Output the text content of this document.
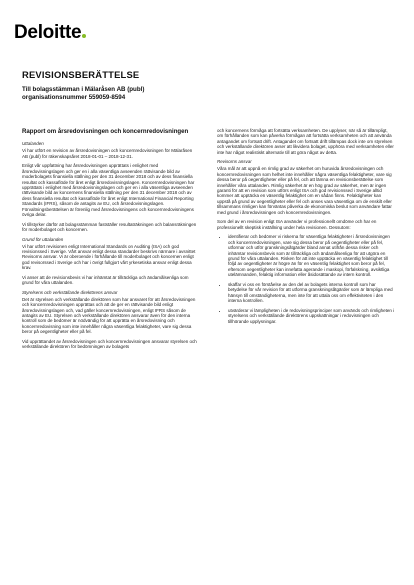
Deloitte
REVISIONSBERÄTTELSE
Till bolagsstämman i Mälaråsen AB (publ)
organisationsnummer 559059-8594
Rapport om årsredovisningen och koncernredovisningen
Uttalanden

Vi har utfört en revision av årsredovisningen och koncernredovisningen för Mälaråsen AB (publ) för räkenskapsåret 2018-01-01 – 2018-12-31.

Enligt vår uppfattning har årsredovisningen upprättats i enlighet med årsredovisningslagen och ger en i alla väsentliga avseenden rättvisande bild av moderbolagets finansiella ställning per den 31 december 2018 och av dess finansiella resultat och kassaflöde för året enligt årsredovisningslagen. Koncernredovisningen har upprättats i enlighet med årsredovisningslagen och ger en i alla väsentliga avseenden rättvisande bild av koncernens finansiella ställning per den 31 december 2018 och av dess finansiella resultat och kassaflöde för året enligt International Financial Reporting Standards (IFRS), såsom de antagits av EU, och årsredovisningslagen. Förvaltningsberättelsen är förenlig med årsredovisningens och koncernredovisningens övriga delar.

Vi tillstyrker därför att bolagsstämman fastställer resultaträkningen och balansräkningen för moderbolaget och koncernen.

Grund för uttalanden

Vi har utfört revisionen enligt International Standards on Auditing (ISA) och god revisionssed i Sverige. Vårt ansvar enligt dessa standarder beskrivs närmare i avsnittet Revisorns ansvar. Vi är oberoende i förhållande till moderbolaget och koncernen enligt god revisorssed i Sverige och har i övrigt fullgjort vårt yrkesetiska ansvar enligt dessa krav.

Vi anser att de revisionsbevis vi har inhämtat är tillräckliga och ändamålsenliga som grund för våra uttalanden.

Styrelsens och verkställande direktörens ansvar

Det är styrelsen och verkställande direktören som har ansvaret för att årsredovisningen och koncernredovisningen upprättas och att de ger en rättvisande bild enligt årsredovisningslagen och, vad gäller koncernredovisningen, enligt IFRS såsom de antagits av EU. Styrelsen och verkställande direktören ansvarar även för den interna kontroll som de bedömer är nödvändig för att upprätta en årsredovisning och koncernredovisning som inte innehåller några väsentliga felaktigheter, vare sig dessa beror på oegentligheter eller på fel.

Vid upprättandet av årsredovisningen och koncernredovisningen ansvarar styrelsen och verkställande direktören för bedömningen av bolagets

och koncernens förmåga att fortsätta verksamheten. De upplyser, när så är tillämpligt, om förhållanden som kan påverka förmågan att fortsätta verksamheten och att använda antagandet om fortsatt drift. Antagandet om fortsatt drift tillämpas dock inte om styrelsen och verkställande direktören avser att likvidera bolaget, upphöra med verksamheten eller inte har något realistiskt alternativ till att göra något av detta.

Revisorns ansvar

Våra mål är att uppnå en rimlig grad av säkerhet om huruvida årsredovisningen och koncernredovisningen som helhet inte innehåller några väsentliga felaktigheter, vare sig dessa beror på oegentligheter eller på fel, och att lämna en revisionsberättelse som innehåller våra uttalanden. Rimlig säkerhet är en hög grad av säkerhet, men är ingen garanti för att en revision som utförs enligt ISA och god revisionssed i Sverige alltid kommer att upptäcka en väsentlig felaktighet om en sådan finns. Felaktigheter kan uppstå på grund av oegentligheter eller fel och anses vara väsentliga om de enskilt eller tillsammans rimligen kan förväntas påverka de ekonomiska beslut som användare fattar med grund i årsredovisningen och koncernredovisningen.

Som del av en revision enligt ISA använder vi professionellt omdöme och har en professionellt skeptisk inställning under hela revisionen. Dessutom:

• identifierar och bedömer vi riskerna för väsentliga felaktigheter i årsredovisningen och koncernredovisningen, vare sig dessa beror på oegentligheter eller på fel, utformar och utför granskningsåtgärder bland annat utifrån dessa risker och inhämtar revisionsbevis som är tillräckliga och ändamålsenliga för att utgöra en grund för våra uttalanden. Risken för att inte upptäcka en väsentlig felaktighet till följd av oegentligheter är högre än för en väsentlig felaktighet som beror på fel, eftersom oegentligheter kan innefatta agerande i maskopi, förfalskning, avsiktliga utelämnanden, felaktig information eller åsidosättande av intern kontroll.
• skaffar vi oss en förståelse av den del av bolagets interna kontroll som har betydelse för vår revision för att utforma granskningsåtgärder som är lämpliga med hänsyn till omständigheterna, men inte för att uttala oss om effektiviteten i den interna kontrollen.
• utvärderar vi lämpligheten i de redovisningsprinciper som används och rimligheten i styrelsens och verkställande direktörens uppskattningar i redovisningen och tillhörande upplysningar.
